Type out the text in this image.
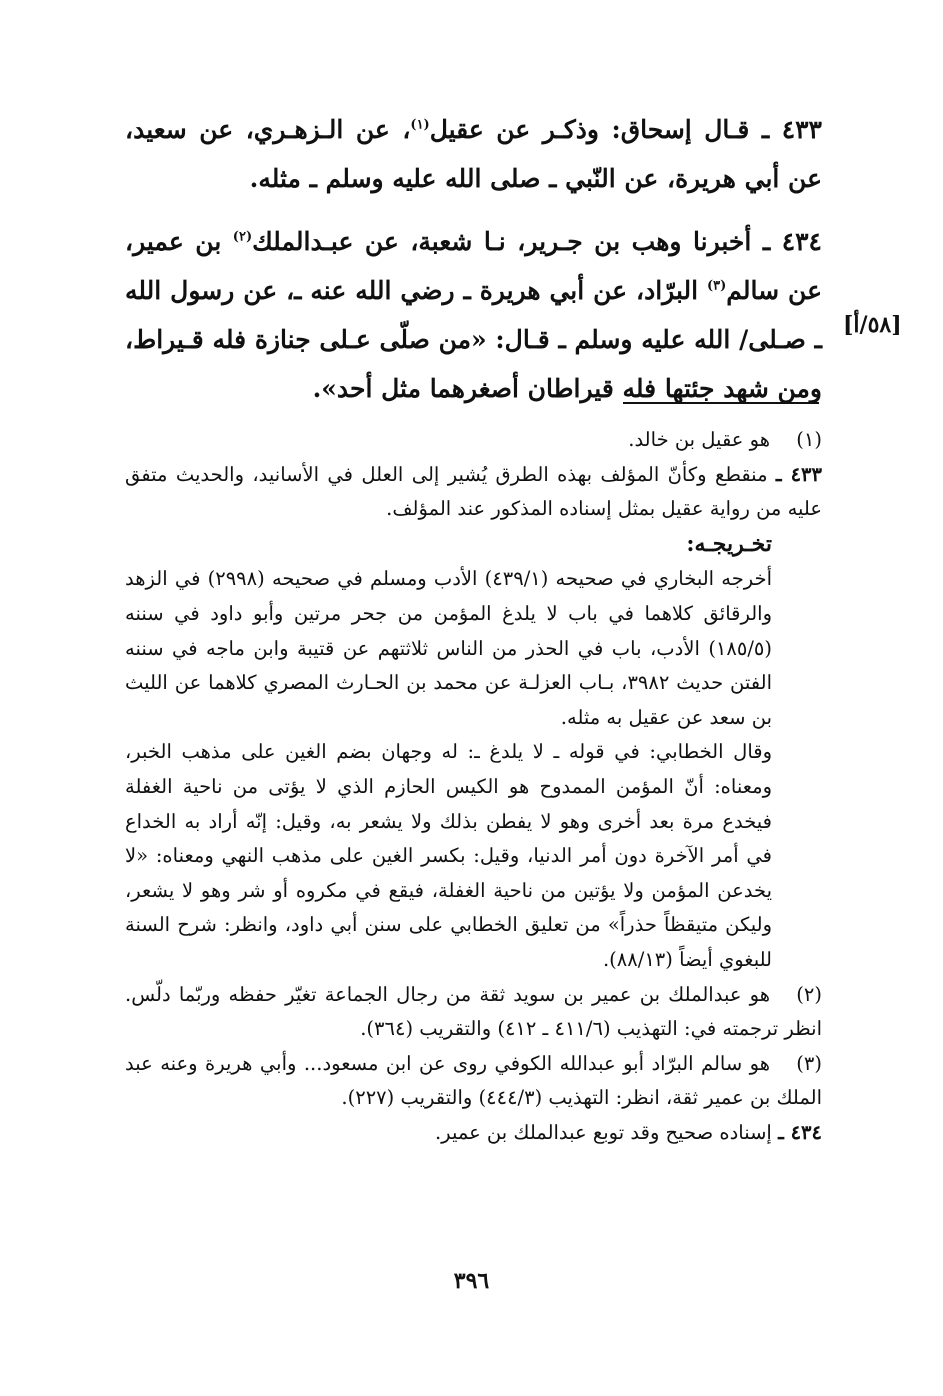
٤٣٣ ـ قـال إسحاق: وذكـر عن عقيل$^{(١)}$، عن الـزهـري، عن سعيد، عن أبي هريرة، عن النّبي ـ صلى الله عليه وسلم ـ مثله.

٤٣٤ ـ أخبرنا وهب بن جـرير، نـا شعبة، عن عبـدالملك$^{(٢)}$ بن عمير، عن سالم$^{(٣)}$ البرّاد، عن أبي هريرة ـ رضي الله عنه ـ، عن رسول الله ـ صـلى/ الله عليه وسلم ـ قـال: «من صلّى عـلى جنازة فله قـيراط، ومن شهد جئتها فله قيراطان أصغرهما مثل أحد».

[٥٨/أ]

(١)هو عقيل بن خالد.

٤٣٣ ـ منقطع وكأنّ المؤلف بهذه الطرق يُشير إلى العلل في الأسانيد، والحديث متفق عليه من رواية عقيل بمثل إسناده المذكور عند المؤلف.

تخـريجـه:

أخرجه البخاري في صحيحه (٤٣٩/١) الأدب ومسلم في صحيحه (٢٩٩٨) في الزهد والرقائق كلاهما في باب لا يلدغ المؤمن من جحر مرتين وأبو داود في سننه (١٨٥/٥) الأدب، باب في الحذر من الناس ثلاثتهم عن قتيبة وابن ماجه في سننه الفتن حديث ٣٩٨٢، بـاب العزلـة عن محمد بن الحـارث المصري كلاهما عن الليث بن سعد عن عقيل به مثله.

وقال الخطابي: في قوله ـ لا يلدغ ـ: له وجهان بضم الغين على مذهب الخبر، ومعناه: أنّ المؤمن الممدوح هو الكيس الحازم الذي لا يؤتى من ناحية الغفلة فيخدع مرة بعد أخرى وهو لا يفطن بذلك ولا يشعر به، وقيل: إنّه أراد به الخداع في أمر الآخرة دون أمر الدنيا، وقيل: بكسر الغين على مذهب النهي ومعناه: «لا يخدعن المؤمن ولا يؤتين من ناحية الغفلة، فيقع في مكروه أو شر وهو لا يشعر، وليكن متيقظاً حذراً» من تعليق الخطابي على سنن أبي داود، وانظر: شرح السنة للبغوي أيضاً (٨٨/١٣).

(٢)هو عبدالملك بن عمير بن سويد ثقة من رجال الجماعة تغيّر حفظه وربّما دلّس. انظر ترجمته في: التهذيب (٤١١/٦ ـ ٤١٢) والتقريب (٣٦٤).

(٣)هو سالم البرّاد أبو عبدالله الكوفي روى عن ابن مسعود... وأبي هريرة وعنه عبد الملك بن عمير ثقة، انظر: التهذيب (٤٤٤/٣) والتقريب (٢٢٧).

٤٣٤ ـ إسناده صحيح وقد توبع عبدالملك بن عمير.

٣٩٦
